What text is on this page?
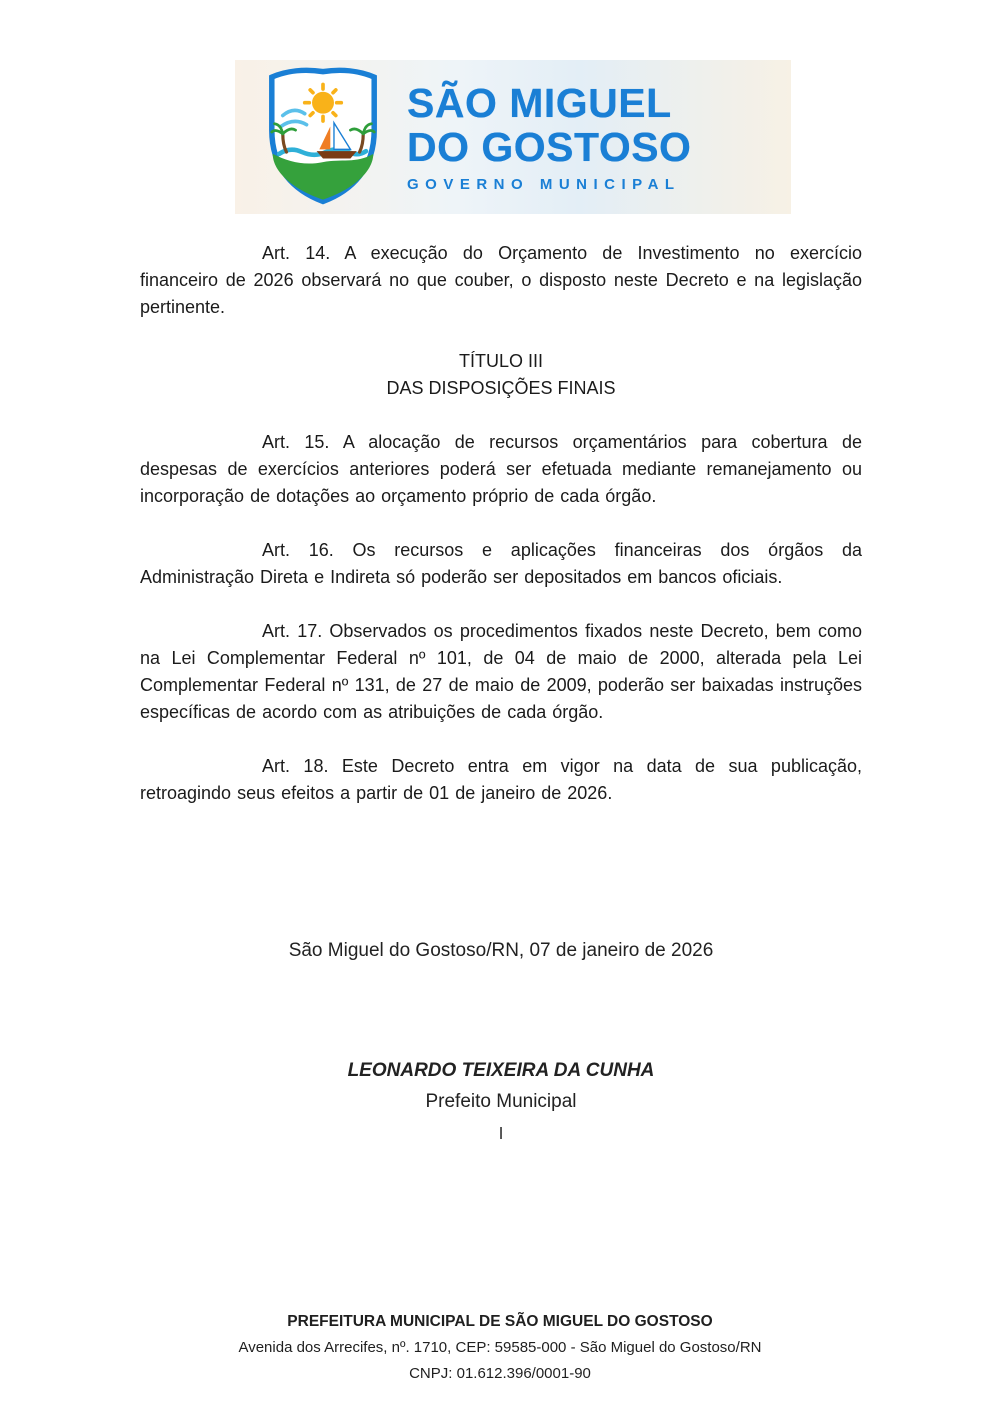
SÃO MIGUEL
DO GOSTOSO
GOVERNO MUNICIPAL

Art. 14. A execução do Orçamento de Investimento no exercício financeiro de 2026 observará no que couber, o disposto neste Decreto e na legislação pertinente.

TÍTULO III

DAS DISPOSIÇÕES FINAIS

Art. 15. A alocação de recursos orçamentários para cobertura de despesas de exercícios anteriores poderá ser efetuada mediante remanejamento ou incorporação de dotações ao orçamento próprio de cada órgão.

Art. 16. Os recursos e aplicações financeiras dos órgãos da Administração Direta e Indireta só poderão ser depositados em bancos oficiais.

Art. 17. Observados os procedimentos fixados neste Decreto, bem como na Lei Complementar Federal nº 101, de 04 de maio de 2000, alterada pela Lei Complementar Federal nº 131, de 27 de maio de 2009, poderão ser baixadas instruções específicas de acordo com as atribuições de cada órgão.

Art. 18. Este Decreto entra em vigor na data de sua publicação, retroagindo seus efeitos a partir de 01 de janeiro de 2026.

São Miguel do Gostoso/RN, 07 de janeiro de 2026

LEONARDO TEIXEIRA DA CUNHA

Prefeito Municipal

l

PREFEITURA MUNICIPAL DE SÃO MIGUEL DO GOSTOSO

Avenida dos Arrecifes, nº. 1710, CEP: 59585-000 - São Miguel do Gostoso/RN

CNPJ: 01.612.396/0001-90
